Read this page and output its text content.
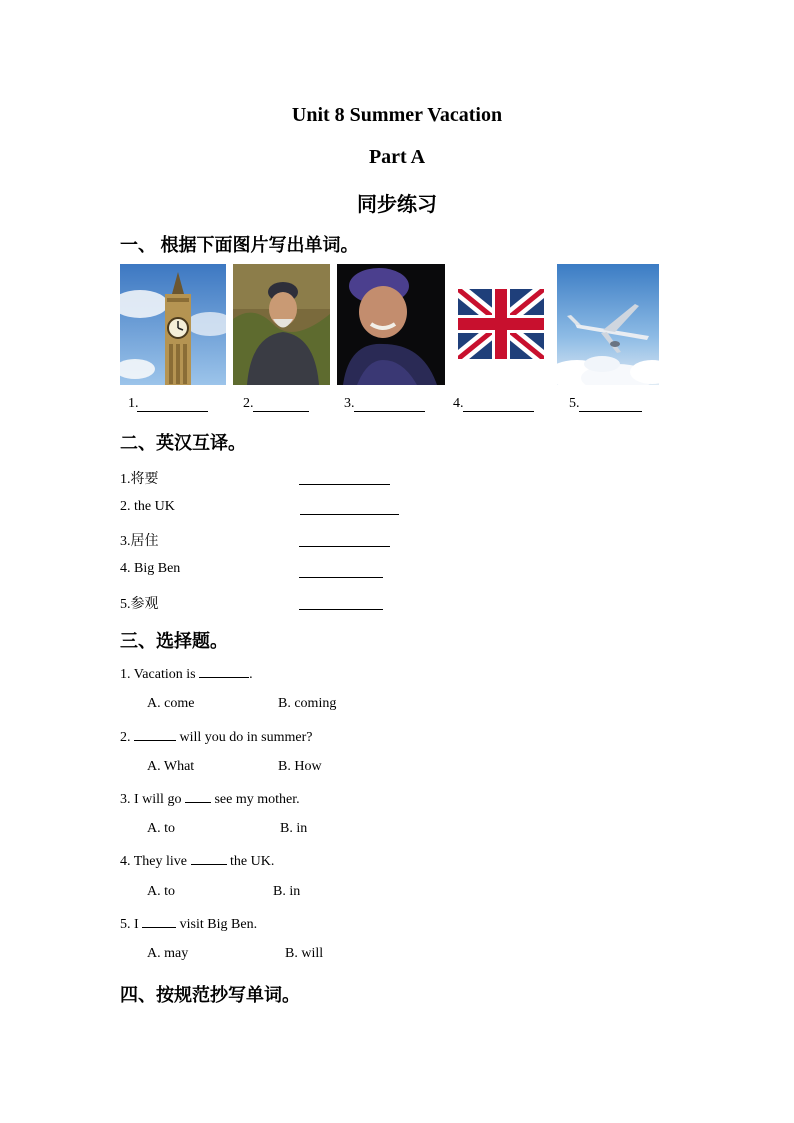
Unit 8 Summer Vacation
Part A
同步练习
一、 根据下面图片写出单词。
1.	2.	3.	4.	5.
二、英汉互译。
1.将要
2. the UK
3.居住
4. Big Ben
5.参观
三、选择题。
1. Vacation is	.
A. come	B. coming
2.	will you do in summer?
A. What	B. How
3. I will go  see my mother.
A. to	B. in
4. They live	the UK.
A. to	B. in
5. I  visit Big Ben.
A. may	B. will
四、按规范抄写单词。
